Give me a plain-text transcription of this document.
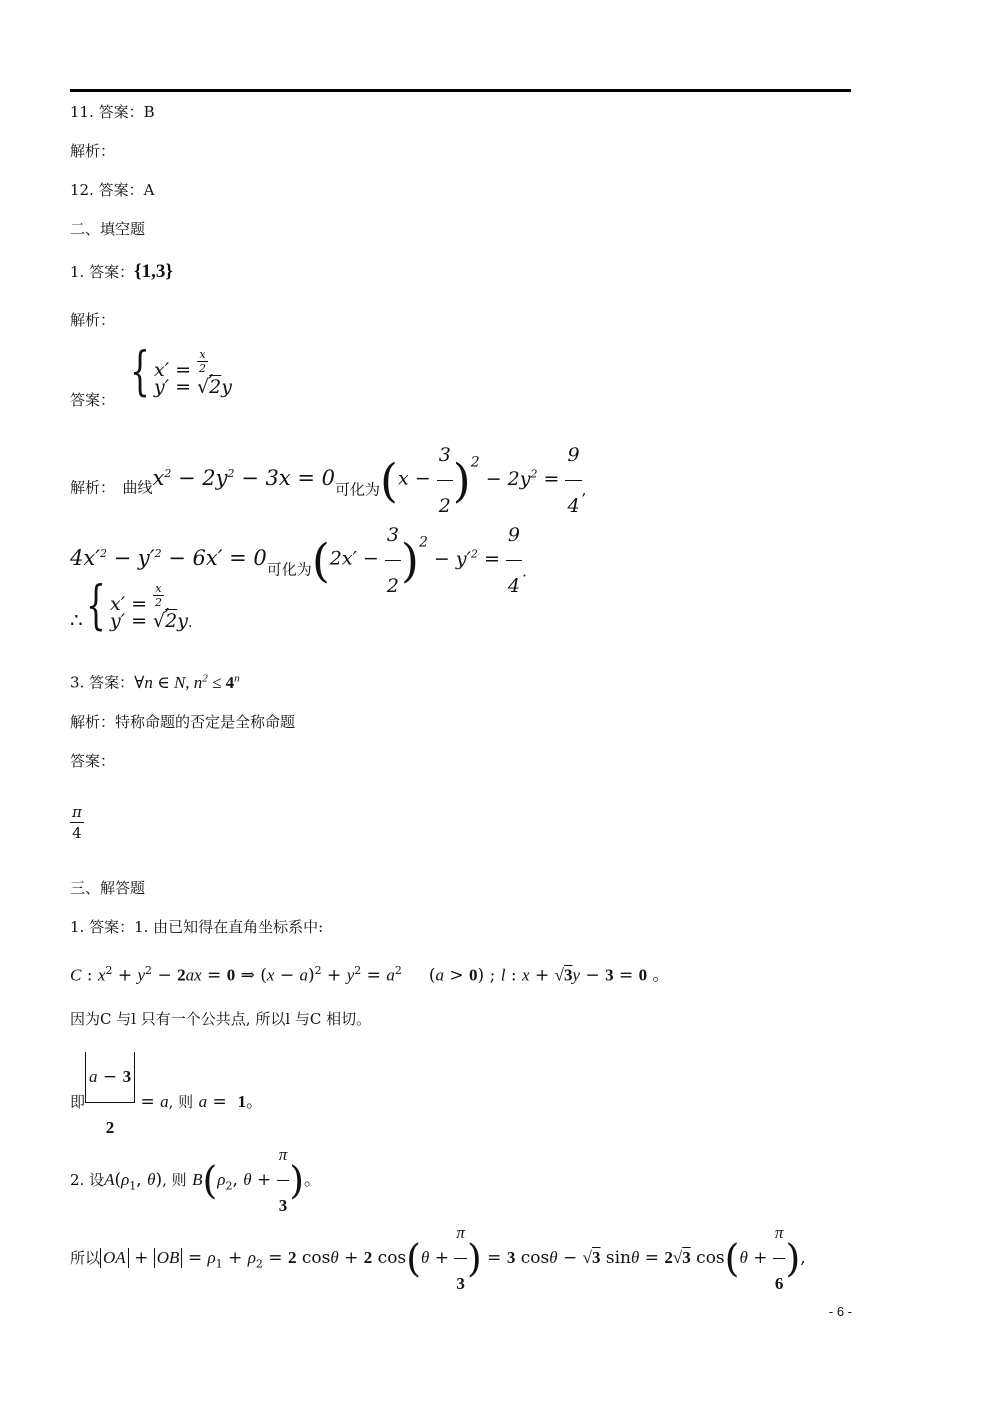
11. 答案：B
解析：
12. 答案：A
二、填空题
1. 答案：{1,3}
解析：
答案： { $x' = \frac{x}{2}$ ,
y′ = √2y
解析：　曲线$x^2 - 2y^2 - 3x = 0$可化为$(x - \frac{3}{2} )^2 - 2y^2 = \frac{9}{4}$ ,
$4x'^2 - y'^2 - 6x' = 0$可化为$(2x' - \frac{3}{2} )^2 - y'^2 = \frac{9}{4}$ .
∴ { $x' = \frac{x}{2}$ ,
y′ = √2y.
3. 答案：∀n ∈ N, $n^2 \le 4^n$
解析：特称命题的否定是全称命题
答案：
$\frac{\pi}{4}$
三、解答题
1. 答案：1. 由已知得在直角坐标系中:
C : $x^2 + y^2 - 2ax = 0$ ⇒ $(x - a)^2 + y^2 = a^2$     (a > 0) ; l : x + √3y − 3 = 0 。
因为C 与l 只有一个公共点, 所以l 与C 相切。
即 $\frac{a - 3}{2} = a$, 则 a =  1。
2. 设$A(\rho_1$, θ), 则 $B(\rho_2$, $\theta + \frac{\pi}{3}$ )。
所以 OA + OB = $\rho_1 + \rho_2 = 2$ cosθ + 2 $\cos(\theta + \frac{\pi}{3}$ ) = 3 cosθ − √3 sinθ = 2√3 $\cos(\theta + \frac{\pi}{6}$ ),
- 6 -
